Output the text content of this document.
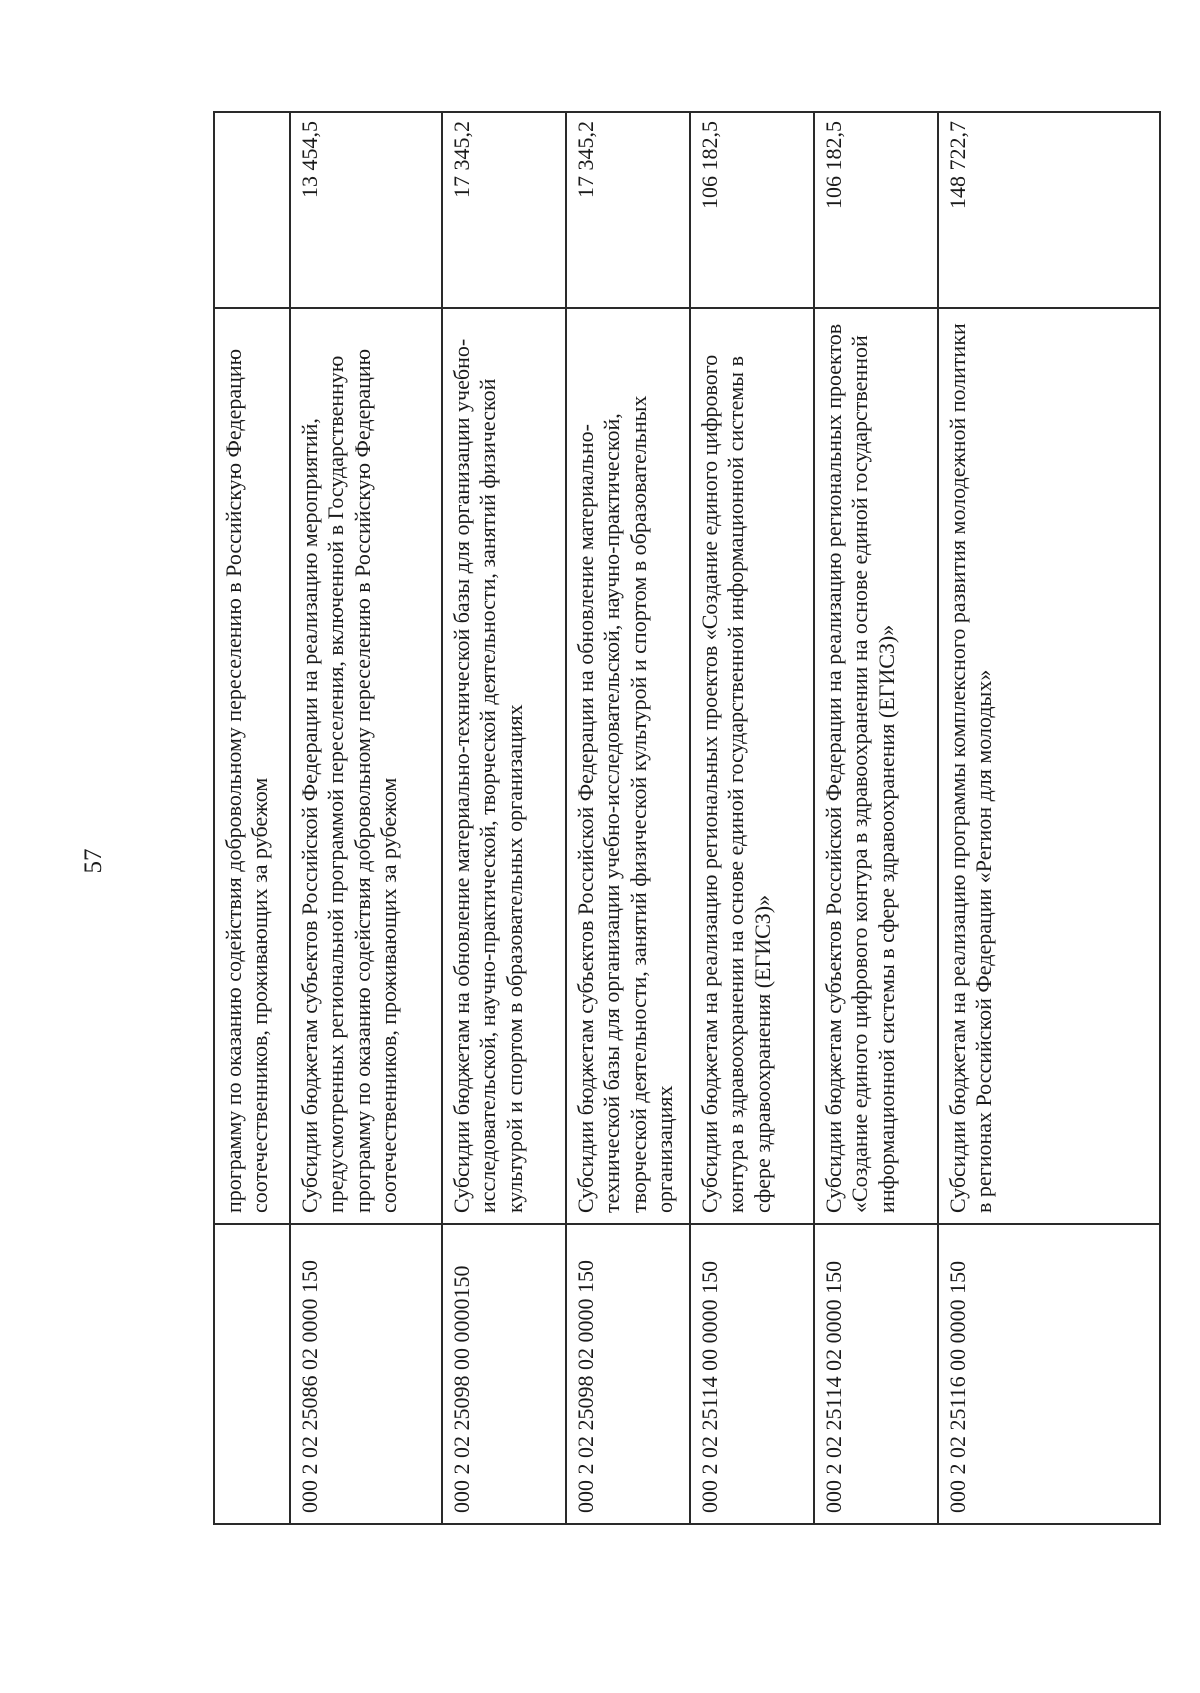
57
		программу по оказанию содействия добровольному переселению в Российскую Федерацию соотечественников, проживающих за рубежом	
000 2 02 25086 02 0000 150	Субсидии бюджетам субъектов Российской Федерации на реализацию мероприятий, предусмотренных региональной программой переселения, включенной в Государственную программу по оказанию содействия добровольному переселению в Российскую Федерацию соотечественников, проживающих за рубежом	13 454,5
000 2 02 25098 00 0000150	Субсидии бюджетам на обновление материально-технической базы для организации учебно-исследовательской, научно-практической, творческой деятельности, занятий физической культурой и спортом в образовательных организациях	17 345,2
000 2 02 25098 02 0000 150	Субсидии бюджетам субъектов Российской Федерации на обновление материально-технической базы для организации учебно-исследовательской, научно-практической, творческой деятельности, занятий физической культурой и спортом в образовательных организациях	17 345,2
000 2 02 25114 00 0000 150	Субсидии бюджетам на реализацию региональных проектов «Создание единого цифрового контура в здравоохранении на основе единой государственной информационной системы в сфере здравоохранения (ЕГИСЗ)»	106 182,5
000 2 02 25114 02 0000 150	Субсидии бюджетам субъектов Российской Федерации на реализацию региональных проектов «Создание единого цифрового контура в здравоохранении на основе единой государственной информационной системы в сфере здравоохранения (ЕГИСЗ)»	106 182,5
000 2 02 25116 00 0000 150	Субсидии бюджетам на реализацию программы комплексного развития молодежной политики в регионах Российской Федерации «Регион для молодых»	148 722,7
